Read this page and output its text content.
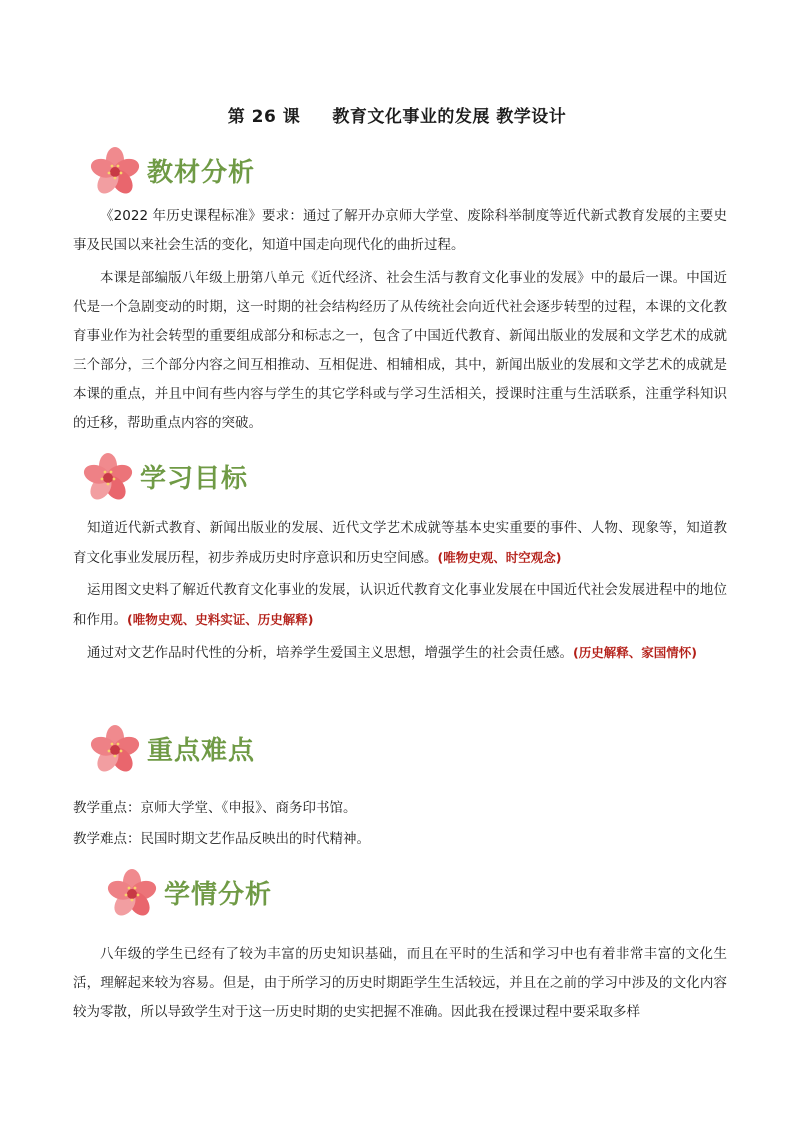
第 26 课     教育文化事业的发展 教学设计
教材分析

《2022 年历史课程标准》要求：通过了解开办京师大学堂、废除科举制度等近代新式教育发展的主要史事及民国以来社会生活的变化，知道中国走向现代化的曲折过程。

本课是部编版八年级上册第八单元《近代经济、社会生活与教育文化事业的发展》中的最后一课。中国近代是一个急剧变动的时期，这一时期的社会结构经历了从传统社会向近代社会逐步转型的过程，本课的文化教育事业作为社会转型的重要组成部分和标志之一，包含了中国近代教育、新闻出版业的发展和文学艺术的成就三个部分，三个部分内容之间互相推动、互相促进、相辅相成，其中，新闻出版业的发展和文学艺术的成就是本课的重点，并且中间有些内容与学生的其它学科或与学习生活相关，授课时注重与生活联系，注重学科知识的迁移，帮助重点内容的突破。

学习目标

知道近代新式教育、新闻出版业的发展、近代文学艺术成就等基本史实重要的事件、人物、现象等，知道教育文化事业发展历程，初步养成历史时序意识和历史空间感。(唯物史观、时空观念)

运用图文史料了解近代教育文化事业的发展，认识近代教育文化事业发展在中国近代社会发展进程中的地位和作用。(唯物史观、史料实证、历史解释)

通过对文艺作品时代性的分析，培养学生爱国主义思想，增强学生的社会责任感。(历史解释、家国情怀)

重点难点

教学重点：京师大学堂、《申报》、商务印书馆。

教学难点：民国时期文艺作品反映出的时代精神。

学情分析

八年级的学生已经有了较为丰富的历史知识基础，而且在平时的生活和学习中也有着非常丰富的文化生活，理解起来较为容易。但是，由于所学习的历史时期距学生生活较远，并且在之前的学习中涉及的文化内容较为零散，所以导致学生对于这一历史时期的史实把握不准确。因此我在授课过程中要采取多样
